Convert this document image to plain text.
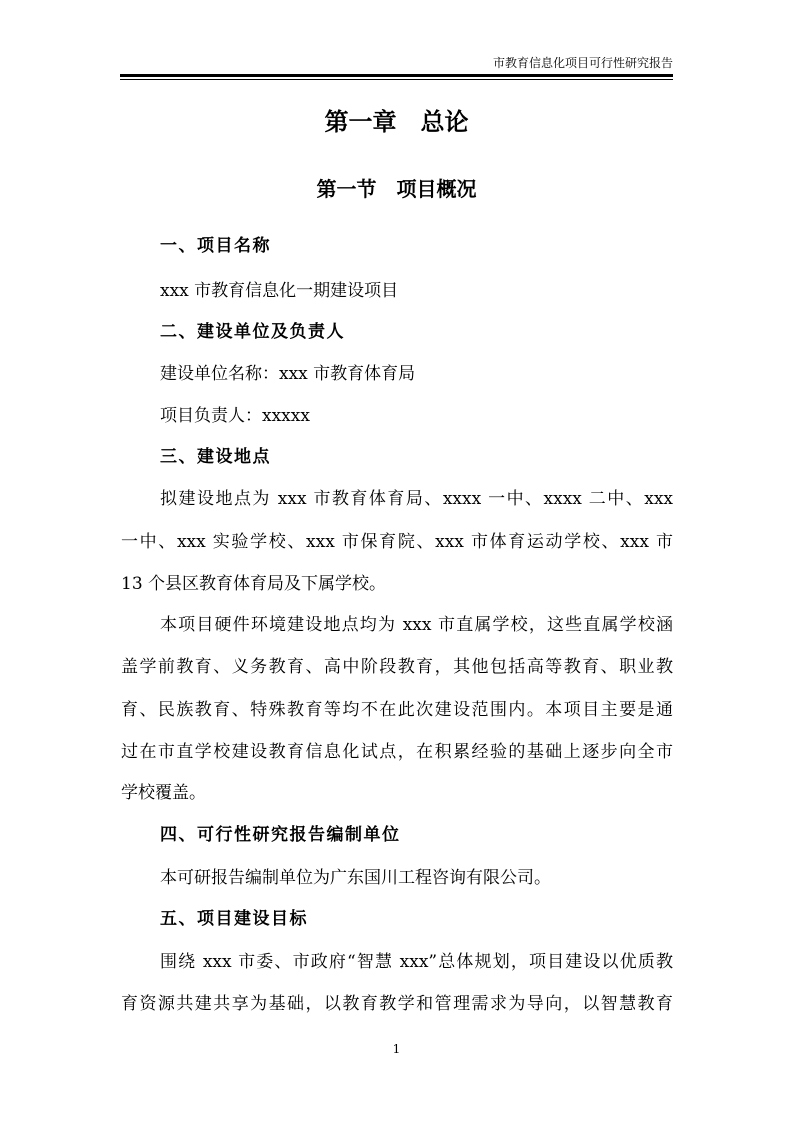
市教育信息化项目可行性研究报告
第一章　总论
第一节　项目概况
一、项目名称
xxx 市教育信息化一期建设项目
二、建设单位及负责人
建设单位名称：xxx 市教育体育局
项目负责人：xxxxx
三、建设地点
拟建设地点为 xxx 市教育体育局、xxxx 一中、xxxx 二中、xxx
一中、xxx 实验学校、xxx 市保育院、xxx 市体育运动学校、xxx 市
13 个县区教育体育局及下属学校。
本项目硬件环境建设地点均为 xxx 市直属学校，这些直属学校涵
盖学前教育、义务教育、高中阶段教育，其他包括高等教育、职业教
育、民族教育、特殊教育等均不在此次建设范围内。本项目主要是通
过在市直学校建设教育信息化试点，在积累经验的基础上逐步向全市
学校覆盖。
四、可行性研究报告编制单位
本可研报告编制单位为广东国川工程咨询有限公司。
五、项目建设目标
围绕 xxx 市委、市政府“智慧 xxx”总体规划，项目建设以优质教
育资源共建共享为基础，以教育教学和管理需求为导向，以智慧教育
1
